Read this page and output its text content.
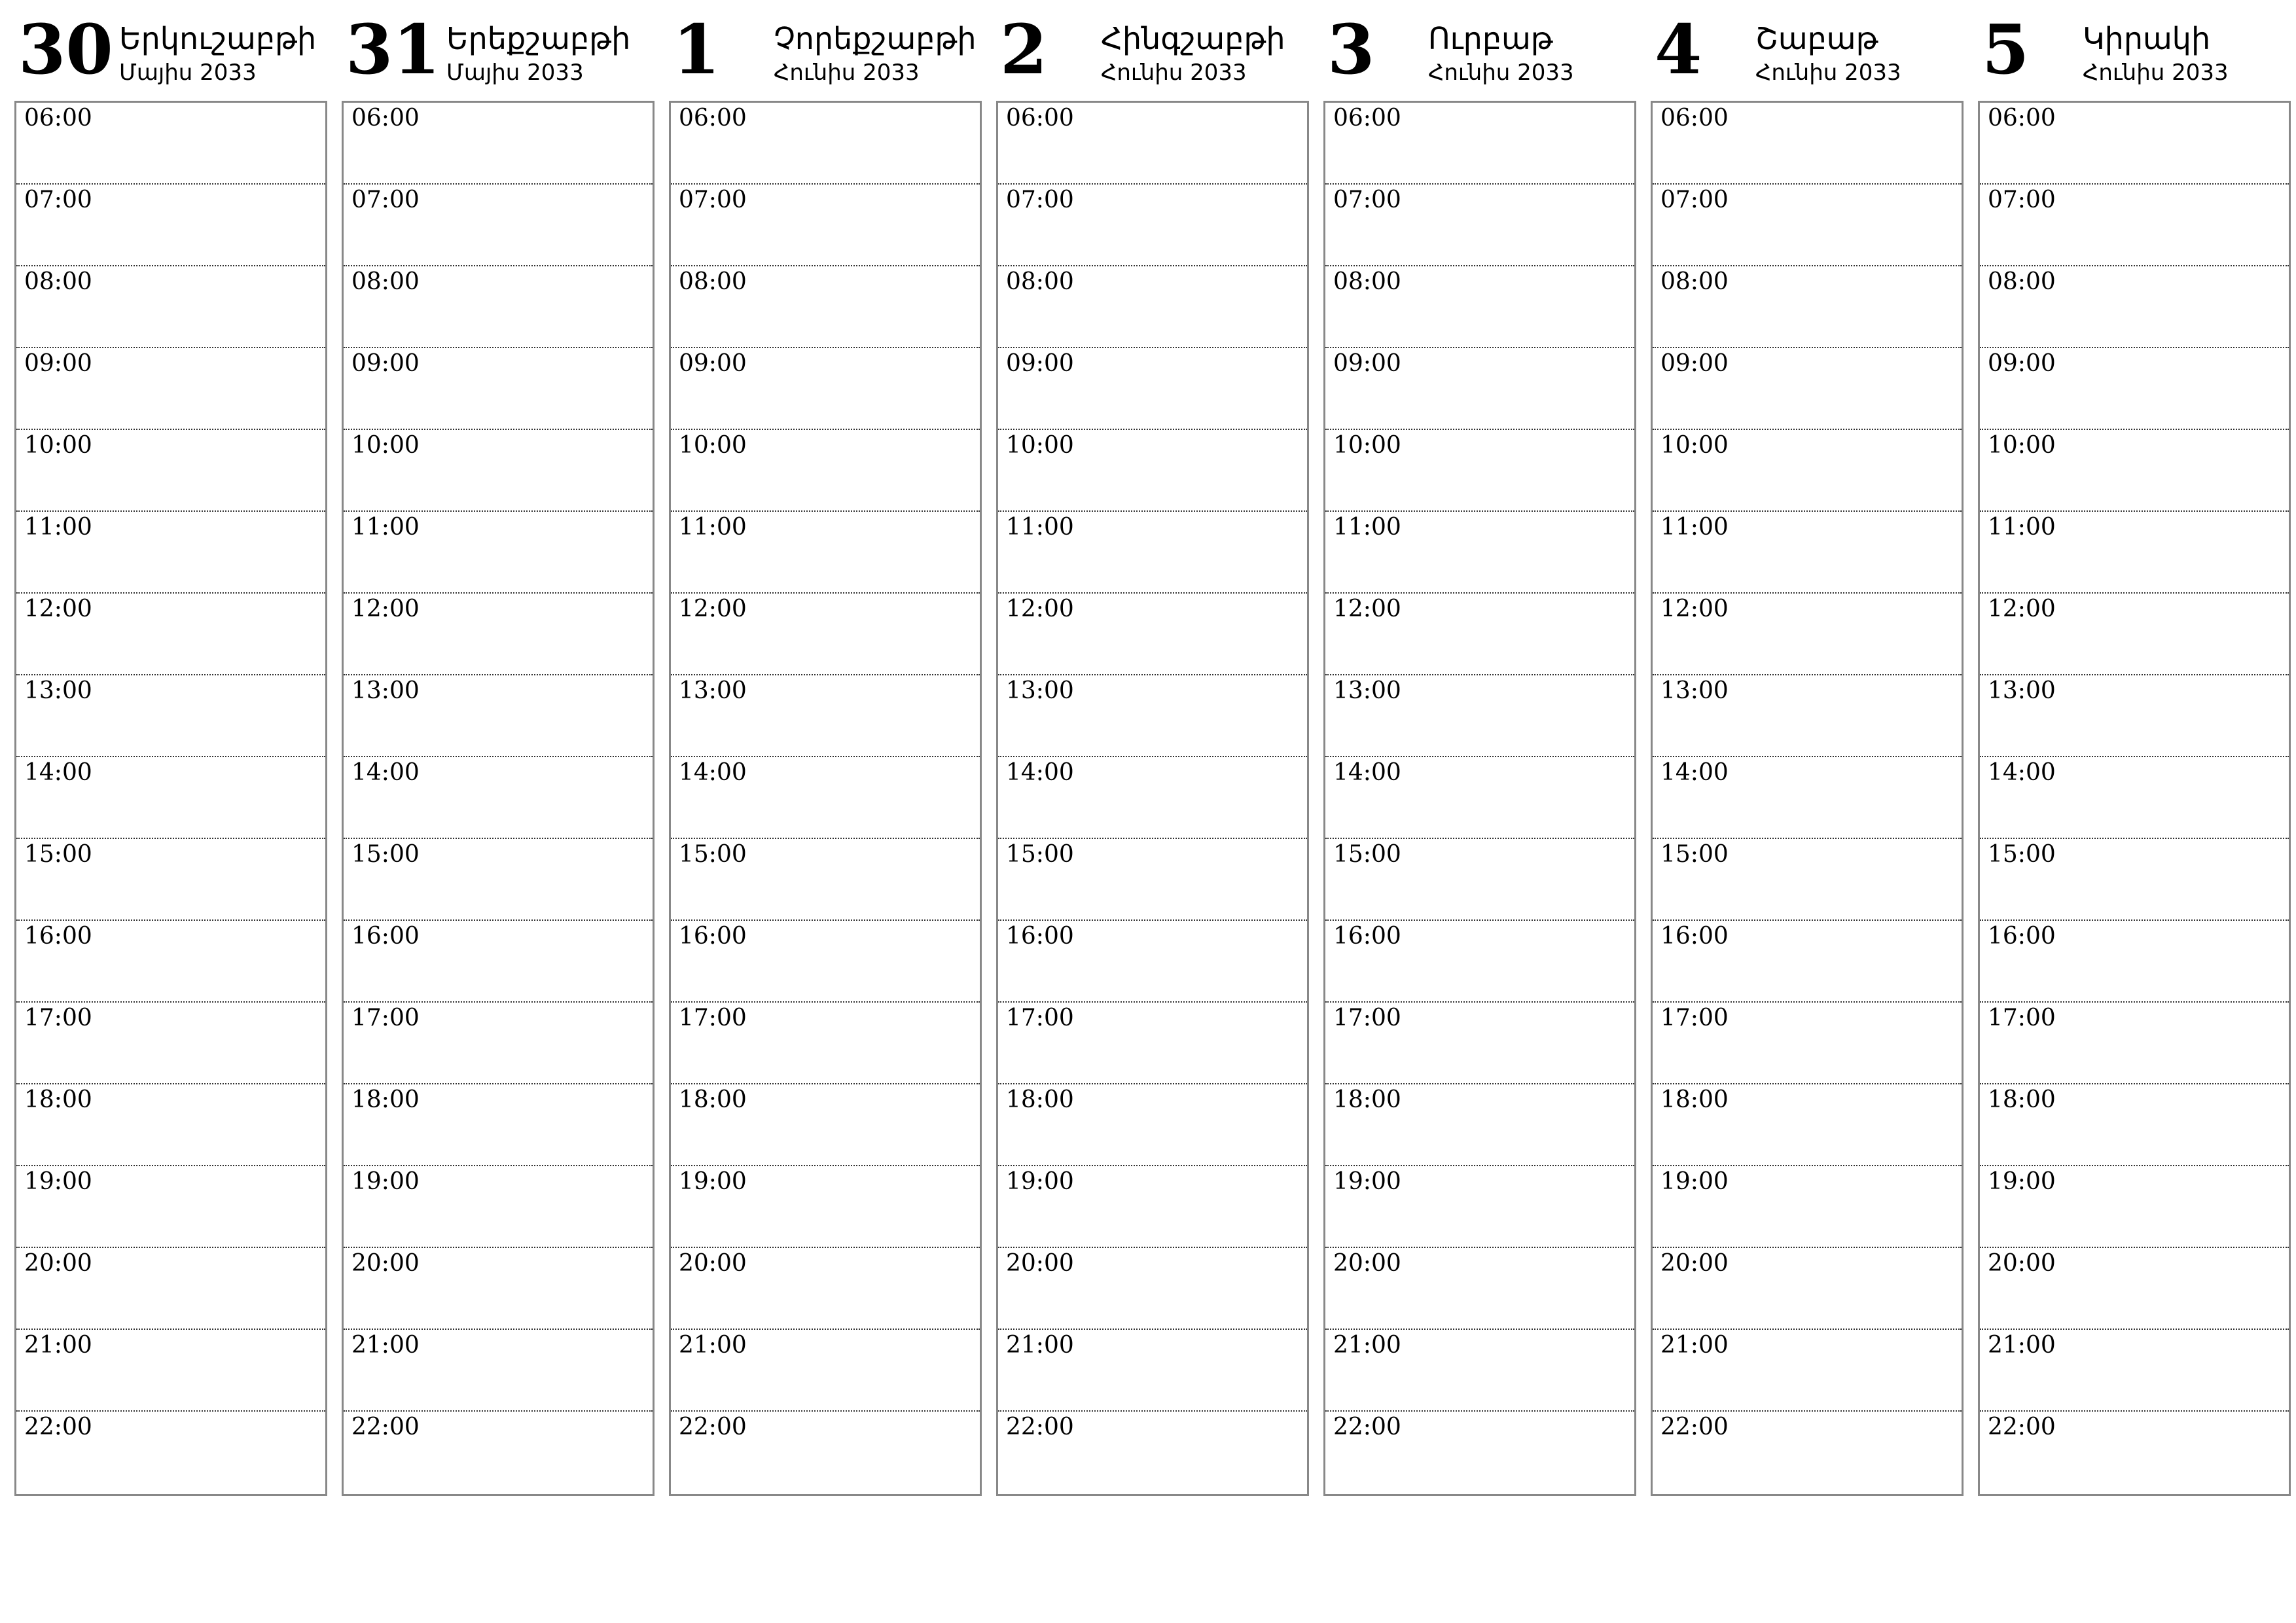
30 Երկուշաբթի
Մայիս 2033
06:00
07:00
08:00
09:00
10:00
11:00
12:00
13:00
14:00
15:00
16:00
17:00
18:00
19:00
20:00
21:00
22:00
31 Երեքշաբթի
Մայիս 2033
06:00
07:00
08:00
09:00
10:00
11:00
12:00
13:00
14:00
15:00
16:00
17:00
18:00
19:00
20:00
21:00
22:00
1 Չորեքշաբթի
Հունիս 2033
06:00
07:00
08:00
09:00
10:00
11:00
12:00
13:00
14:00
15:00
16:00
17:00
18:00
19:00
20:00
21:00
22:00
2 Հինգշաբթի
Հունիս 2033
06:00
07:00
08:00
09:00
10:00
11:00
12:00
13:00
14:00
15:00
16:00
17:00
18:00
19:00
20:00
21:00
22:00
3 Ուրբաթ
Հունիս 2033
06:00
07:00
08:00
09:00
10:00
11:00
12:00
13:00
14:00
15:00
16:00
17:00
18:00
19:00
20:00
21:00
22:00
4 Շաբաթ
Հունիս 2033
06:00
07:00
08:00
09:00
10:00
11:00
12:00
13:00
14:00
15:00
16:00
17:00
18:00
19:00
20:00
21:00
22:00
5 Կիրակի
Հունիս 2033
06:00
07:00
08:00
09:00
10:00
11:00
12:00
13:00
14:00
15:00
16:00
17:00
18:00
19:00
20:00
21:00
22:00
